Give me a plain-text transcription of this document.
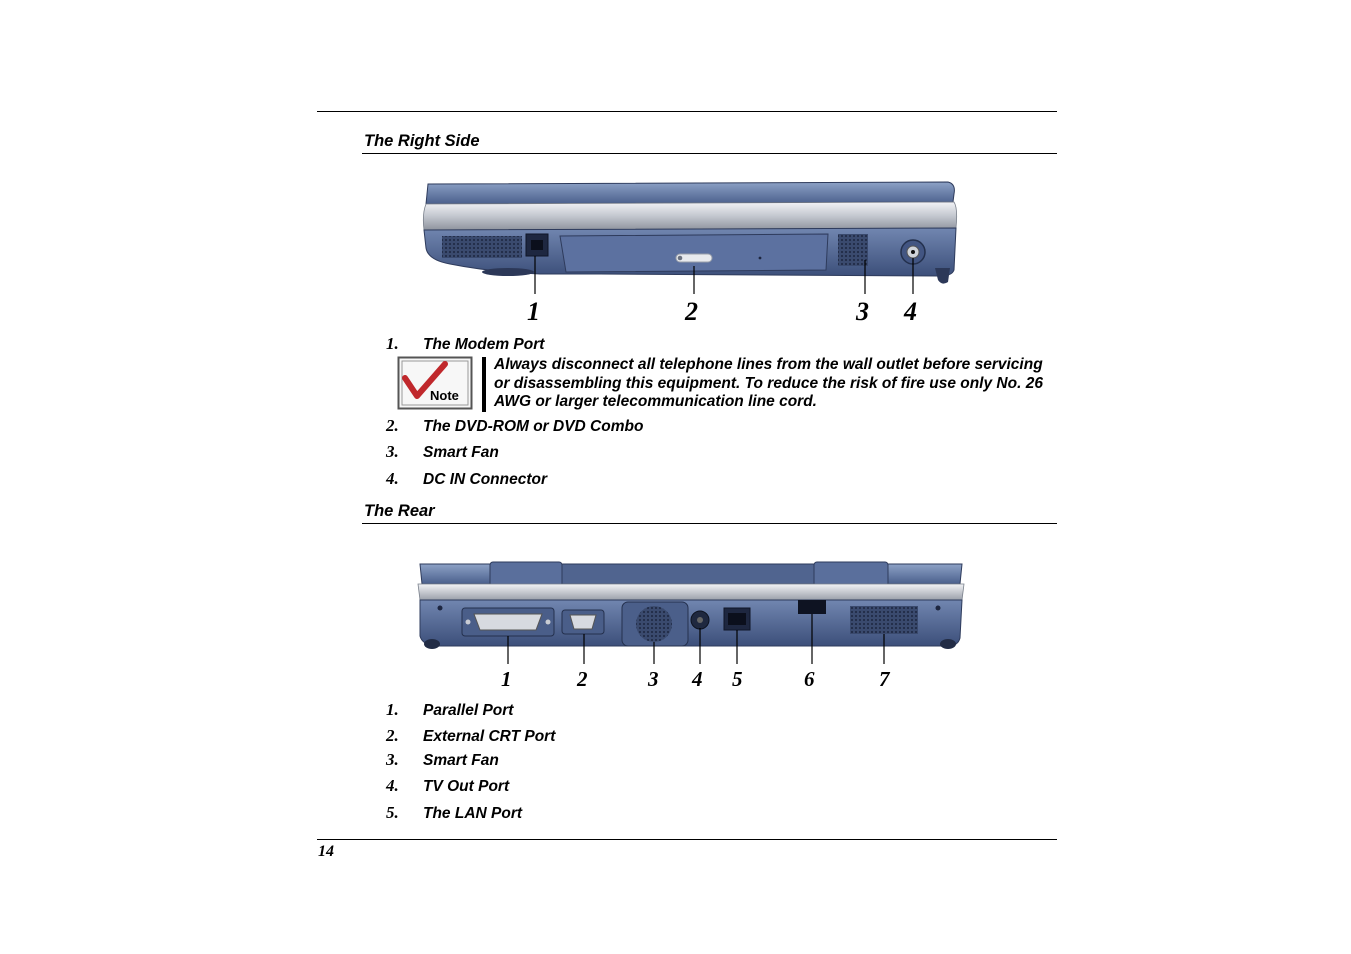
The Right Side
1	2	3 4
1. The Modem Port
Note
Always disconnect all telephone lines from the wall outlet before servicing or disassembling this equipment. To reduce the risk of fire use only No. 26 AWG or larger telecommunication line cord.
2. The DVD-ROM or DVD Combo
3. Smart Fan
4. DC IN Connector
The Rear
1	2	3 4 5	6	7
1. Parallel Port
2. External CRT Port
3. Smart Fan
4. TV Out Port
5. The LAN Port
14
